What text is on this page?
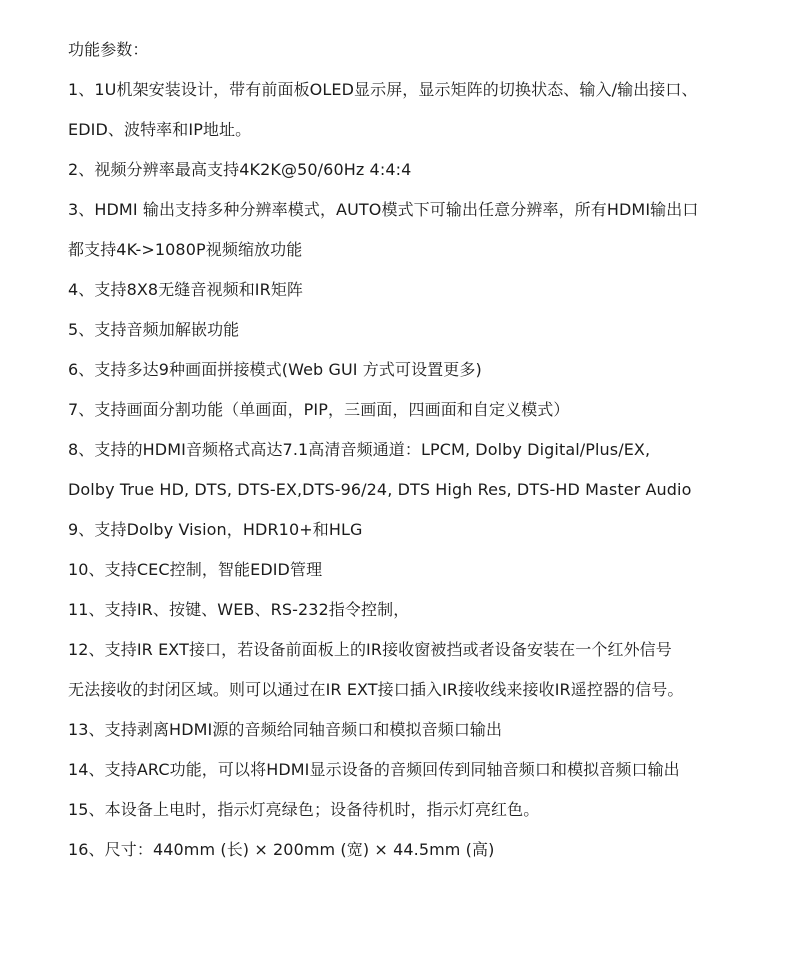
功能参数：
1、1U机架安装设计，带有前面板OLED显示屏，显示矩阵的切换状态、输入/输出接口、
EDID、波特率和IP地址。
2、视频分辨率最高支持4K2K@50/60Hz 4:4:4
3、HDMI 输出支持多种分辨率模式，AUTO模式下可输出任意分辨率，所有HDMI输出口
都支持4K->1080P视频缩放功能
4、支持8X8无缝音视频和IR矩阵
5、支持音频加解嵌功能
6、支持多达9种画面拼接模式(Web GUI 方式可设置更多)
7、支持画面分割功能（单画面，PIP，三画面，四画面和自定义模式）
8、支持的HDMI音频格式高达7.1高清音频通道：LPCM, Dolby Digital/Plus/EX,
Dolby True HD, DTS, DTS-EX,DTS-96/24, DTS High Res, DTS-HD Master Audio
9、支持Dolby Vision，HDR10+和HLG
10、支持CEC控制，智能EDID管理
11、支持IR、按键、WEB、RS-232指令控制，
12、支持IR EXT接口，若设备前面板上的IR接收窗被挡或者设备安装在一个红外信号
无法接收的封闭区域。则可以通过在IR EXT接口插入IR接收线来接收IR遥控器的信号。
13、支持剥离HDMI源的音频给同轴音频口和模拟音频口输出
14、支持ARC功能，可以将HDMI显示设备的音频回传到同轴音频口和模拟音频口输出
15、本设备上电时，指示灯亮绿色；设备待机时，指示灯亮红色。
16、尺寸：440mm (长) × 200mm (宽) × 44.5mm (高)
